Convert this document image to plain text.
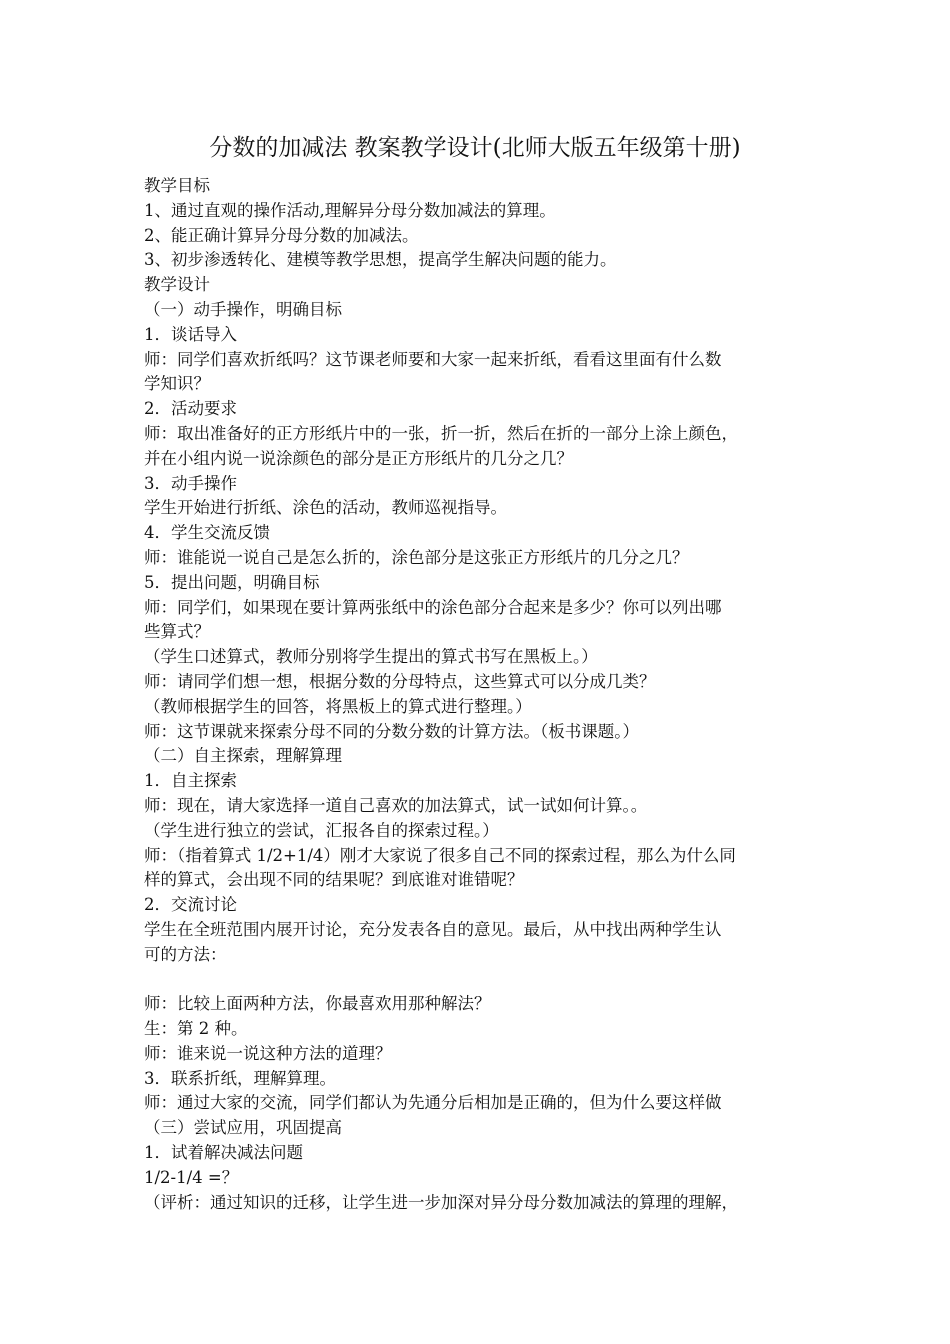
分数的加减法 教案教学设计(北师大版五年级第十册)
教学目标
1、通过直观的操作活动,理解异分母分数加减法的算理。
2、能正确计算异分母分数的加减法。
3、初步渗透转化、建模等教学思想，提高学生解决问题的能力。
教学设计
（一）动手操作，明确目标
1．谈话导入
师：同学们喜欢折纸吗？这节课老师要和大家一起来折纸，看看这里面有什么数
学知识？
2．活动要求
师：取出准备好的正方形纸片中的一张，折一折，然后在折的一部分上涂上颜色，
并在小组内说一说涂颜色的部分是正方形纸片的几分之几？
3．动手操作
学生开始进行折纸、涂色的活动，教师巡视指导。
4．学生交流反馈
师：谁能说一说自己是怎么折的，涂色部分是这张正方形纸片的几分之几？
5．提出问题，明确目标
师：同学们，如果现在要计算两张纸中的涂色部分合起来是多少？你可以列出哪
些算式？
（学生口述算式，教师分别将学生提出的算式书写在黑板上。）
师：请同学们想一想，根据分数的分母特点，这些算式可以分成几类？
（教师根据学生的回答，将黑板上的算式进行整理。）
师：这节课就来探索分母不同的分数分数的计算方法。（板书课题。）
（二）自主探索，理解算理
1．自主探索
师：现在，请大家选择一道自己喜欢的加法算式，试一试如何计算。。
（学生进行独立的尝试，汇报各自的探索过程。）
师：（指着算式 1/2+1/4）刚才大家说了很多自己不同的探索过程，那么为什么同
样的算式，会出现不同的结果呢？到底谁对谁错呢？
2．交流讨论
学生在全班范围内展开讨论，充分发表各自的意见。最后，从中找出两种学生认
可的方法：
师：比较上面两种方法，你最喜欢用那种解法？
生：第 2 种。
师：谁来说一说这种方法的道理？
3．联系折纸，理解算理。
师：通过大家的交流，同学们都认为先通分后相加是正确的，但为什么要这样做
（三）尝试应用，巩固提高
1．试着解决减法问题
1/2-1/4 =？
（评析：通过知识的迁移，让学生进一步加深对异分母分数加减法的算理的理解，
